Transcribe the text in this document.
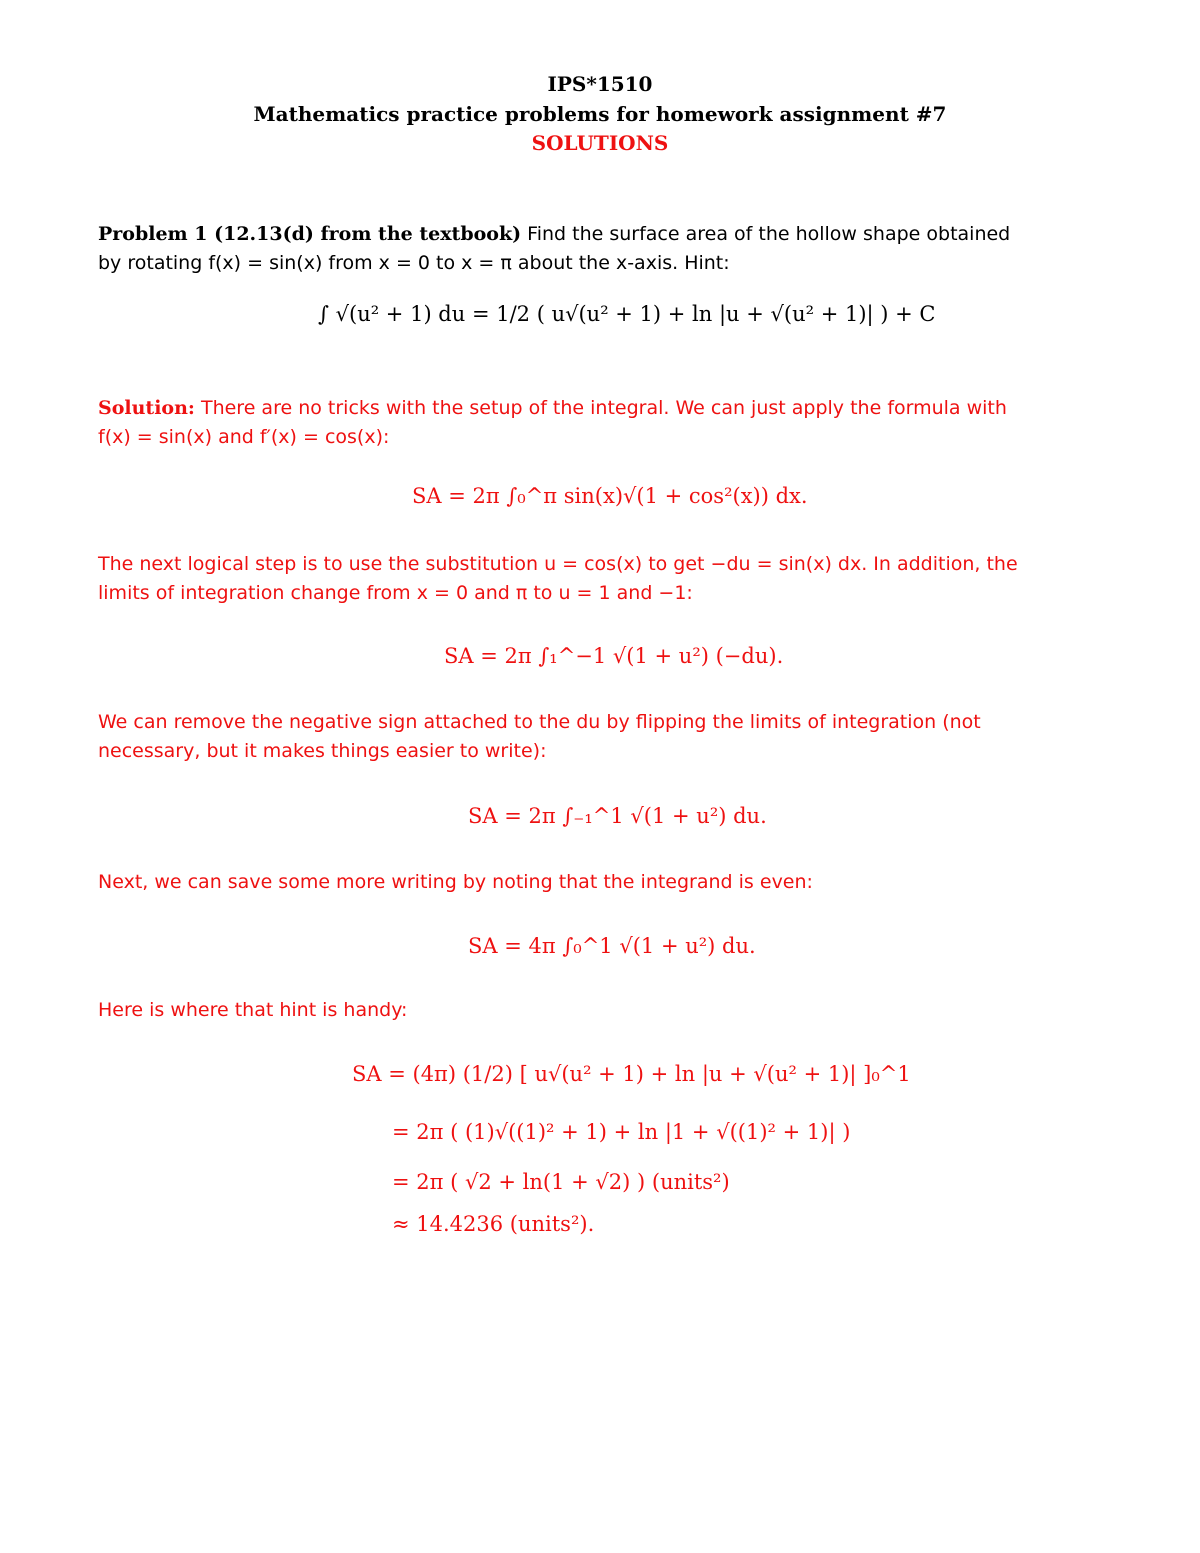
IPS*1510
Mathematics practice problems for homework assignment #7
SOLUTIONS
Problem 1 (12.13(d) from the textbook) Find the surface area of the hollow shape obtained
by rotating f(x) = sin(x) from x = 0 to x = π about the x-axis. Hint:
∫ √(u² + 1) du = 1/2 ( u√(u² + 1) + ln |u + √(u² + 1)| ) + C
Solution: There are no tricks with the setup of the integral. We can just apply the formula with
f(x) = sin(x) and f′(x) = cos(x):
SA = 2π ∫₀^π sin(x)√(1 + cos²(x)) dx.
The next logical step is to use the substitution u = cos(x) to get −du = sin(x) dx. In addition, the
limits of integration change from x = 0 and π to u = 1 and −1:
SA = 2π ∫₁^−1 √(1 + u²) (−du).
We can remove the negative sign attached to the du by flipping the limits of integration (not
necessary, but it makes things easier to write):
SA = 2π ∫₋₁^1 √(1 + u²) du.
Next, we can save some more writing by noting that the integrand is even:
SA = 4π ∫₀^1 √(1 + u²) du.
Here is where that hint is handy:
SA = (4π) (1/2) [ u√(u² + 1) + ln |u + √(u² + 1)| ]₀^1
= 2π ( (1)√((1)² + 1) + ln |1 + √((1)² + 1)| )
= 2π ( √2 + ln(1 + √2) ) (units²)
≈ 14.4236 (units²).
